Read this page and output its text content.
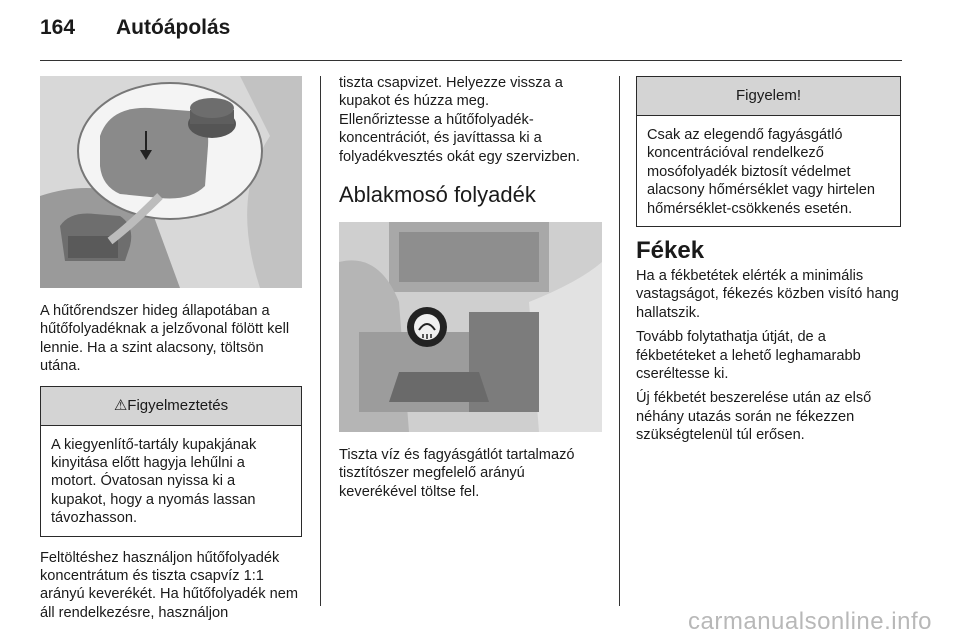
164	Autóápolás

A hűtőrendszer hideg állapotában a hűtőfolyadéknak a jelzővonal fölött kell lennie. Ha a szint alacsony, töltsön utána.

⚠Figyelmeztetés
A kiegyenlítő-tartály kupakjának kinyitása előtt hagyja lehűlni a motort. Óvatosan nyissa ki a kupakot, hogy a nyomás lassan távozhasson.

Feltöltéshez használjon hűtőfolyadék koncentrátum és tiszta csapvíz 1:1 arányú keverékét. Ha hűtőfolyadék nem áll rendelkezésre, használjon

tiszta csapvizet. Helyezze vissza a kupakot és húzza meg.

Ellenőriztesse a hűtőfolyadék-koncentrációt, és javíttassa ki a folyadékvesztés okát egy szervizben.

Ablakmosó folyadék

Tiszta víz és fagyásgátlót tartalmazó tisztítószer megfelelő arányú keverékével töltse fel.

Figyelem!
Csak az elegendő fagyásgátló koncentrációval rendelkező mosófolyadék biztosít védelmet alacsony hőmérséklet vagy hirtelen hőmérséklet-csökkenés esetén.
Fékek

Ha a fékbetétek elérték a minimális vastagságot, fékezés közben visító hang hallatszik.

Tovább folytathatja útját, de a fékbetéteket a lehető leghamarabb cseréltesse ki.

Új fékbetét beszerelése után az első néhány utazás során ne fékezzen szükségtelenül túl erősen.

carmanualsonline.info
